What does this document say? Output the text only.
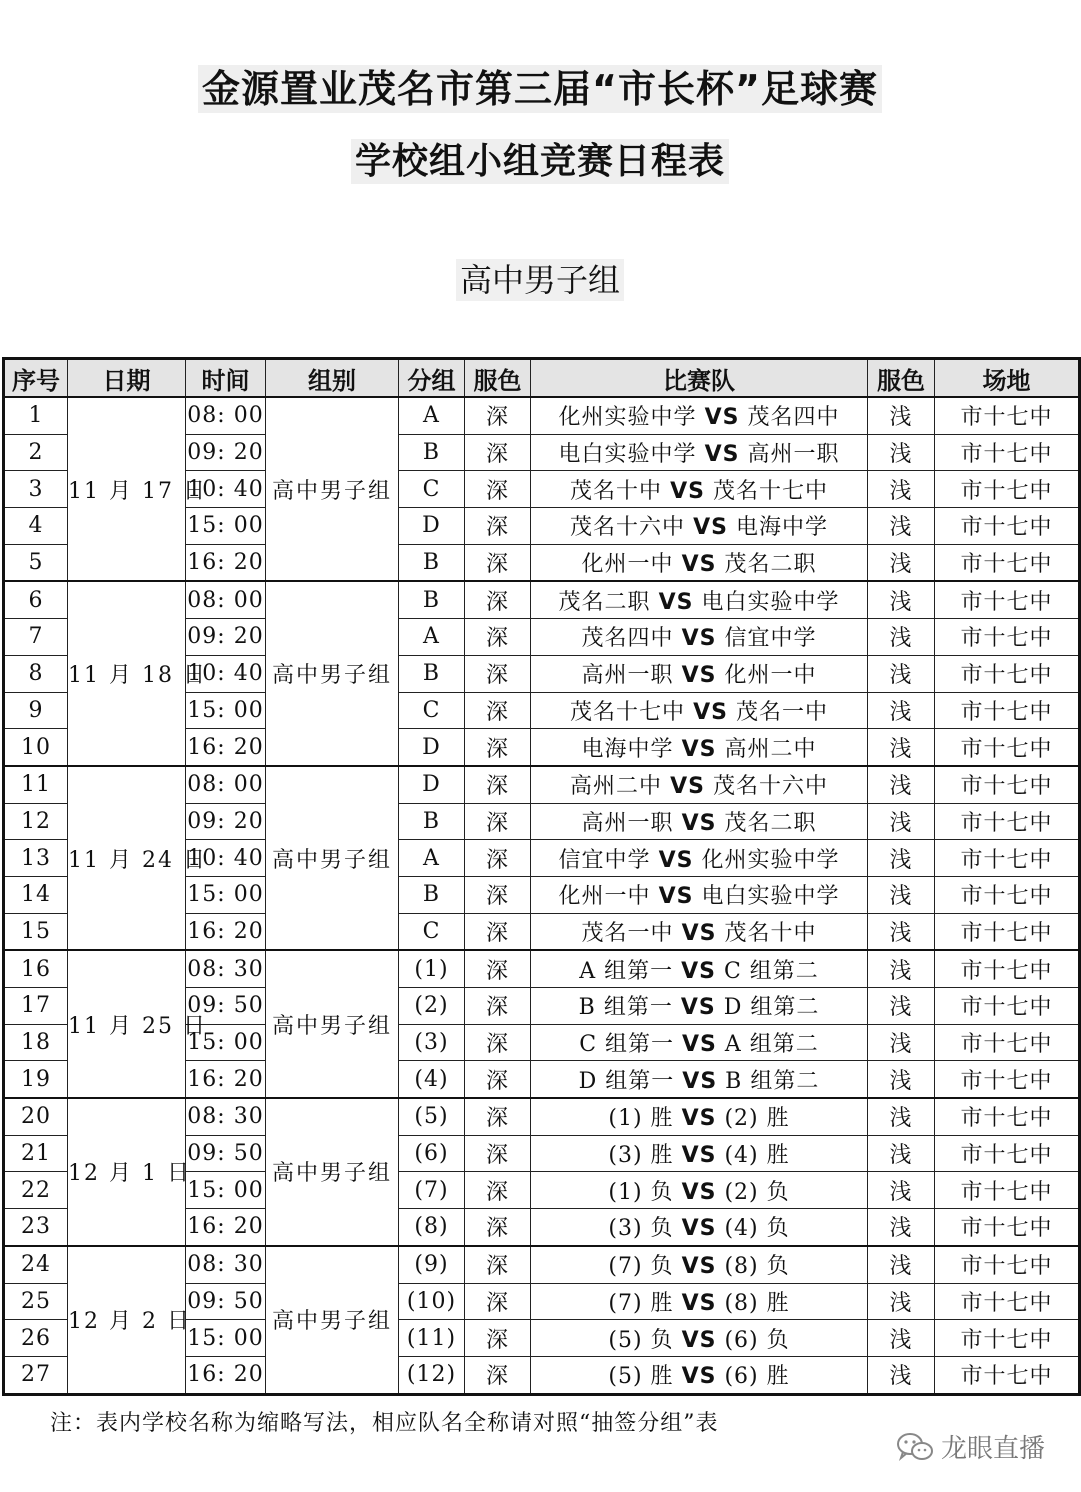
金源置业茂名市第三届“市长杯”足球赛
学校组小组竞赛日程表
高中男子组
序号	日期	时间	组别	分组	服色	比赛队	服色	场地
1	11 月 17 日	08: 00	高中男子组	A	深	化州实验中学 VS 茂名四中	浅	市十七中
2		09: 20		B	深	电白实验中学 VS 高州一职	浅	市十七中
3		10: 40		C	深	茂名十中 VS 茂名十七中	浅	市十七中
4		15: 00		D	深	茂名十六中 VS 电海中学	浅	市十七中
5		16: 20		B	深	化州一中 VS 茂名二职	浅	市十七中
6	11 月 18 日	08: 00	高中男子组	B	深	茂名二职 VS 电白实验中学	浅	市十七中
7		09: 20		A	深	茂名四中 VS 信宜中学	浅	市十七中
8		10: 40		B	深	高州一职 VS 化州一中	浅	市十七中
9		15: 00		C	深	茂名十七中 VS 茂名一中	浅	市十七中
10		16: 20		D	深	电海中学 VS 高州二中	浅	市十七中
11	11 月 24 日	08: 00	高中男子组	D	深	高州二中 VS 茂名十六中	浅	市十七中
12		09: 20		B	深	高州一职 VS 茂名二职	浅	市十七中
13		10: 40		A	深	信宜中学 VS 化州实验中学	浅	市十七中
14		15: 00		B	深	化州一中 VS 电白实验中学	浅	市十七中
15		16: 20		C	深	茂名一中 VS 茂名十中	浅	市十七中
16	11 月 25 日	08: 30	高中男子组	(1)	深	A 组第一 VS C 组第二	浅	市十七中
17		09: 50		(2)	深	B 组第一 VS D 组第二	浅	市十七中
18		15: 00		(3)	深	C 组第一 VS A 组第二	浅	市十七中
19		16: 20		(4)	深	D 组第一 VS B 组第二	浅	市十七中
20	12 月 1 日	08: 30	高中男子组	(5)	深	(1) 胜 VS (2) 胜	浅	市十七中
21		09: 50		(6)	深	(3) 胜 VS (4) 胜	浅	市十七中
22		15: 00		(7)	深	(1) 负 VS (2) 负	浅	市十七中
23		16: 20		(8)	深	(3) 负 VS (4) 负	浅	市十七中
24	12 月 2 日	08: 30	高中男子组	(9)	深	(7) 负 VS (8) 负	浅	市十七中
25		09: 50		(10)	深	(7) 胜 VS (8) 胜	浅	市十七中
26		15: 00		(11)	深	(5) 负 VS (6) 负	浅	市十七中
27		16: 20		(12)	深	(5) 胜 VS (6) 胜	浅	市十七中
注：表内学校名称为缩略写法，相应队名全称请对照“抽签分组”表
龙眼直播
